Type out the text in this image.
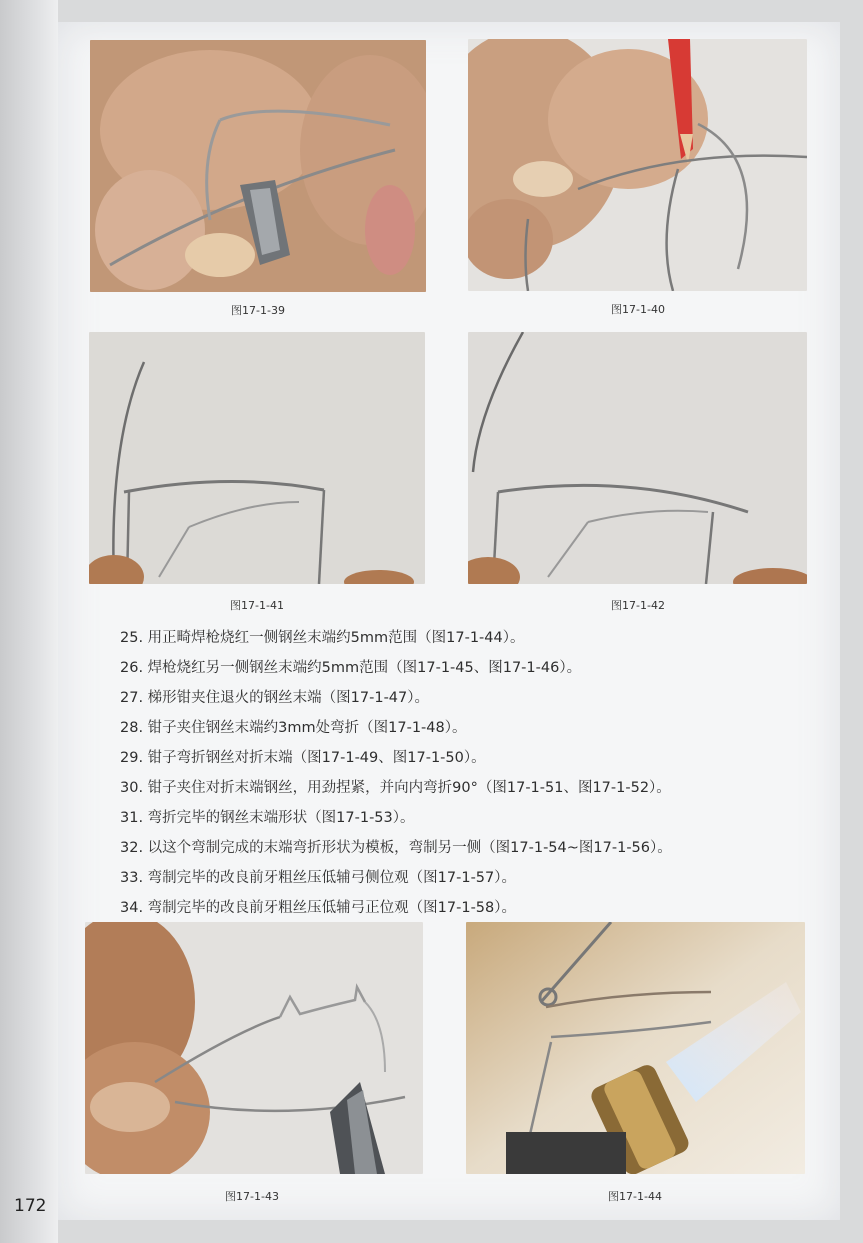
图17-1-39	图17-1-40
图17-1-41	图17-1-42
25. 用正畸焊枪烧红一侧钢丝末端约5mm范围（图17-1-44）。
26. 焊枪烧红另一侧钢丝末端约5mm范围（图17-1-45、图17-1-46）。
27. 梯形钳夹住退火的钢丝末端（图17-1-47）。
28. 钳子夹住钢丝末端约3mm处弯折（图17-1-48）。
29. 钳子弯折钢丝对折末端（图17-1-49、图17-1-50）。
30. 钳子夹住对折末端钢丝，用劲捏紧，并向内弯折90°（图17-1-51、图17-1-52）。
31. 弯折完毕的钢丝末端形状（图17-1-53）。
32. 以这个弯制完成的末端弯折形状为模板，弯制另一侧（图17-1-54~图17-1-56）。
33. 弯制完毕的改良前牙粗丝压低辅弓侧位观（图17-1-57）。
34. 弯制完毕的改良前牙粗丝压低辅弓正位观（图17-1-58）。
图17-1-43	图17-1-44
172
